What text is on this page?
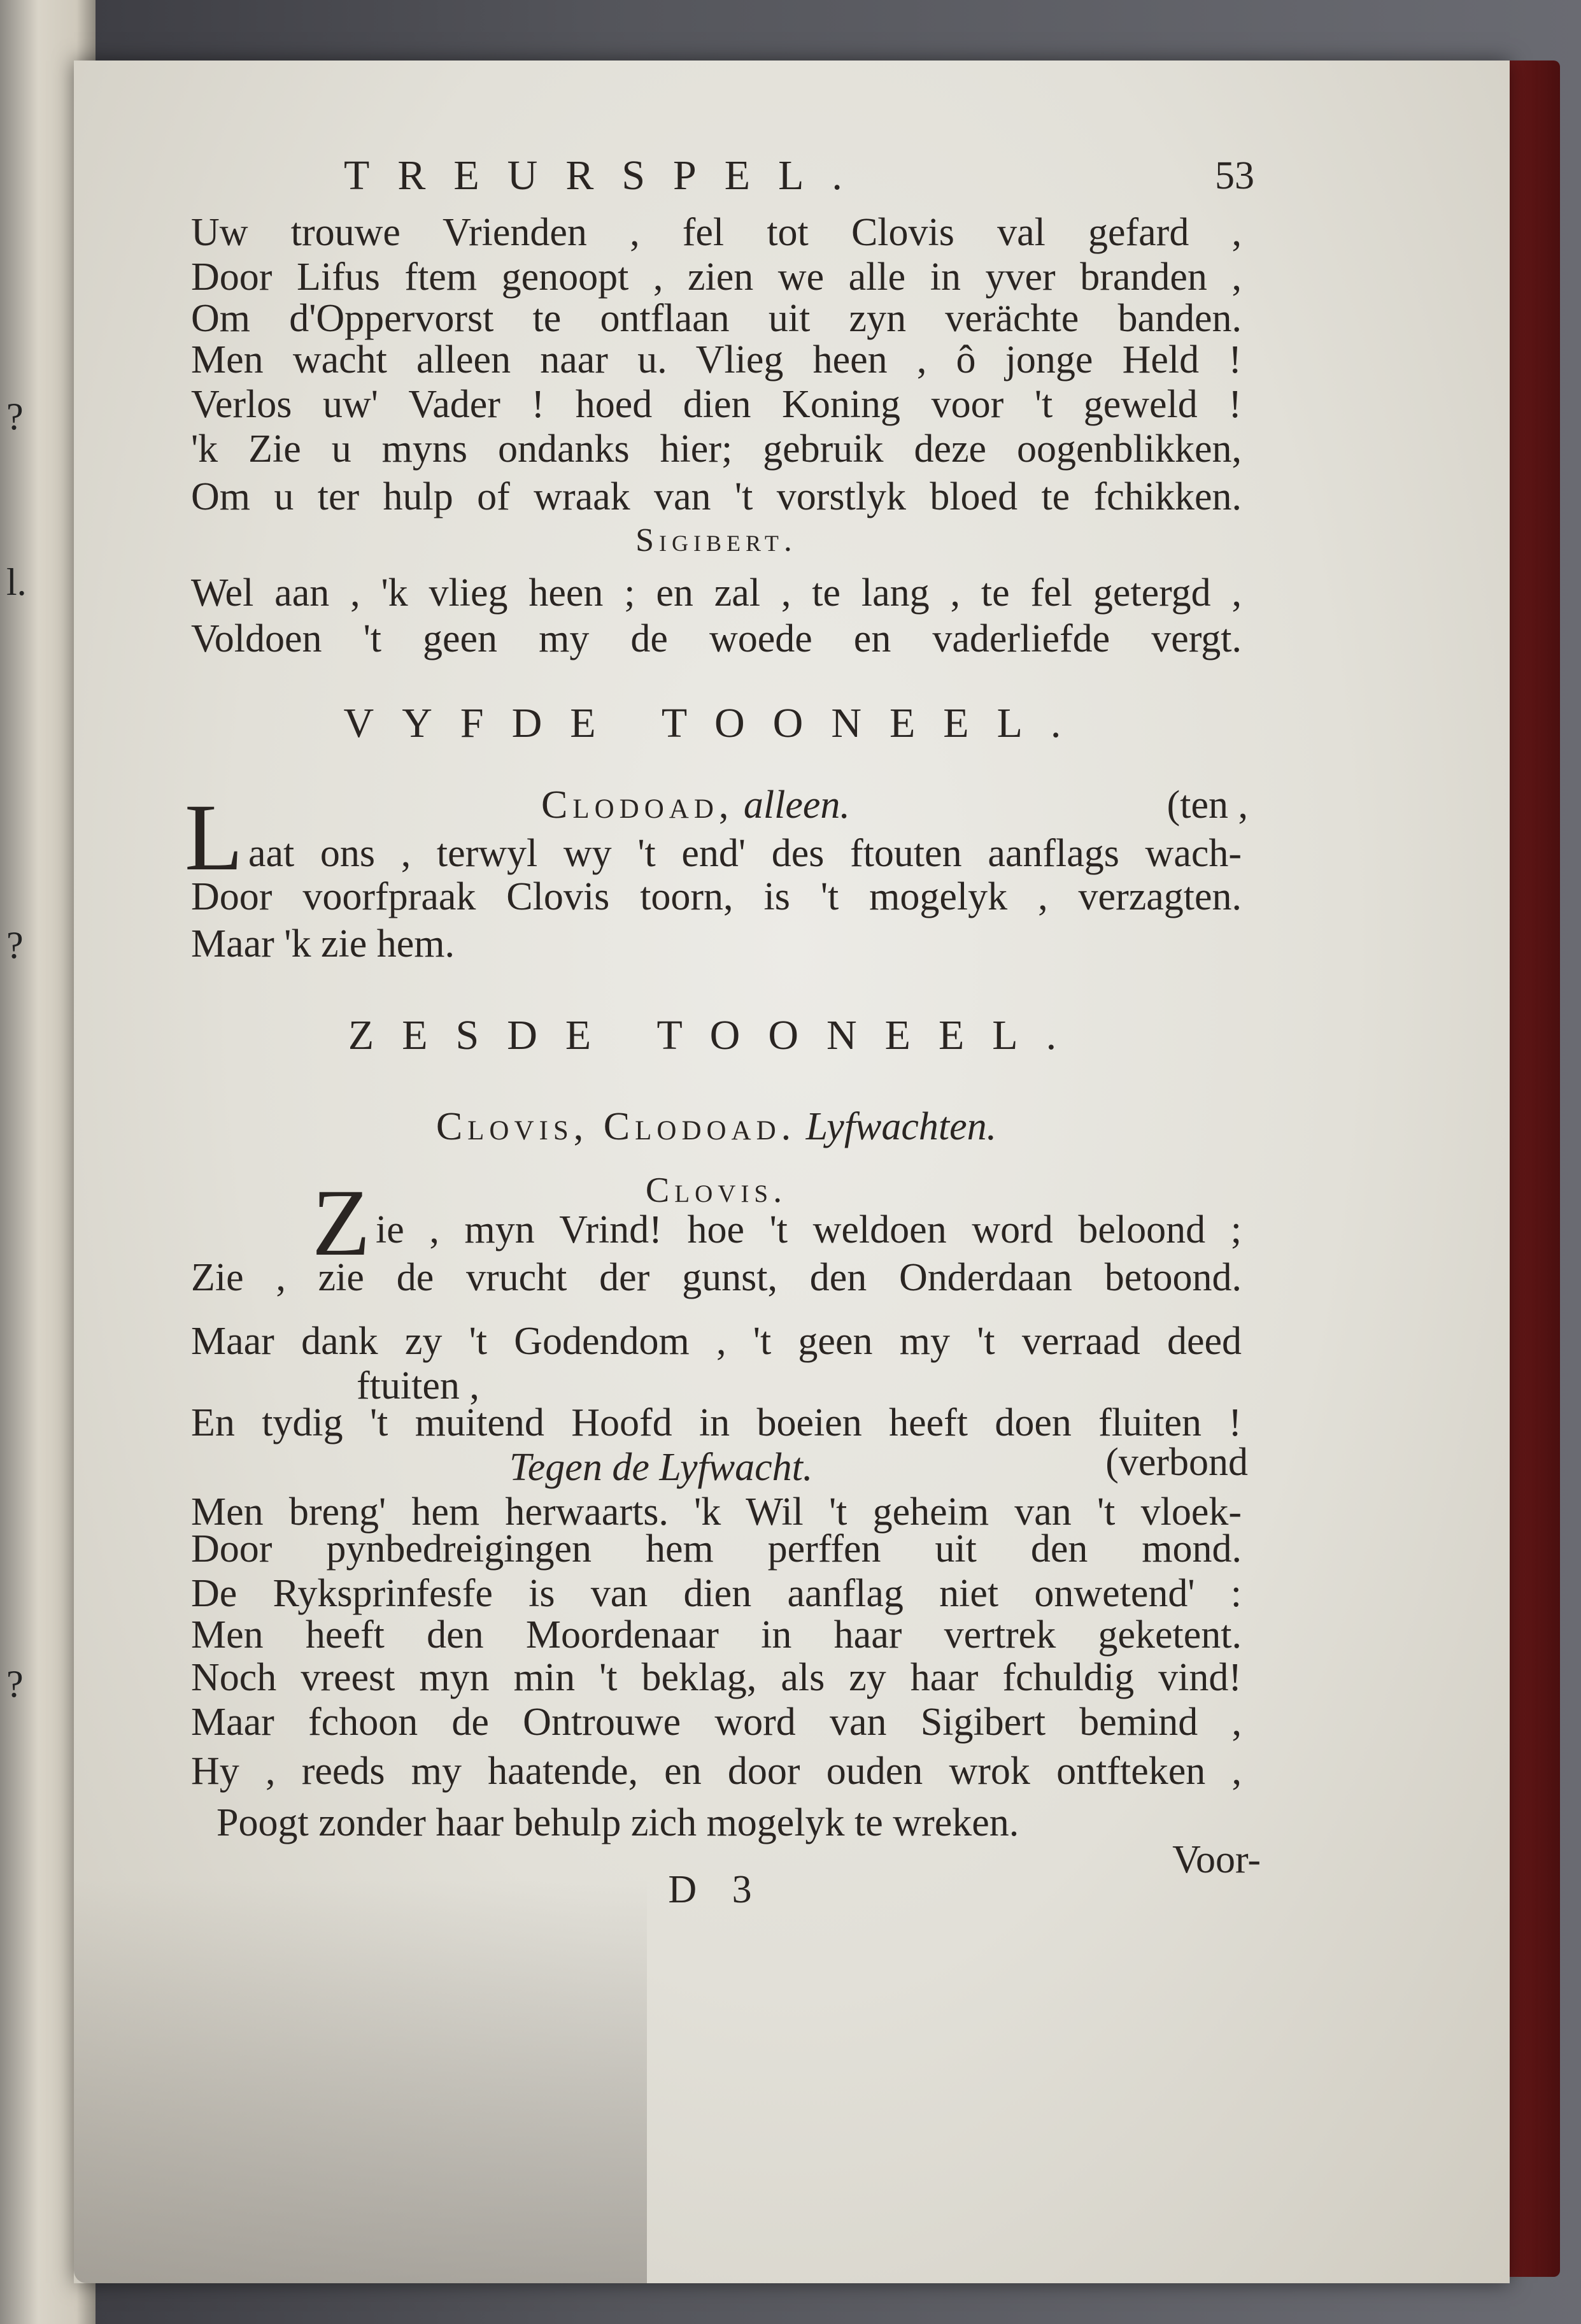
?
l.
?
?
TREURSPEL.	53
Uw trouwe Vrienden , fel tot Clovis val gefard ,
Door Lifus ftem genoopt , zien we alle in yver branden ,
Om d'Oppervorst te ontflaan uit zyn verächte banden.
Men wacht alleen naar u. Vlieg heen , ô jonge Held !
Verlos uw' Vader ! hoed dien Koning voor 't geweld !
'k Zie u myns ondanks hier; gebruik deze oogenblikken,
Om u ter hulp of wraak van 't vorstlyk bloed te fchikken.
Sigibert.
Wel aan , 'k vlieg heen ; en zal , te lang , te fel getergd ,
Voldoen 't geen my de woede en vaderliefde vergt.
VYFDE TOONEEL.
Clodoad, alleen.	(ten ,
L aat ons , terwyl wy 't end' des ftouten aanflags wach-
Door voorfpraak Clovis toorn, is 't mogelyk , verzagten.
Maar 'k zie hem.
ZESDE TOONEEL.
Clovis, Clodoad. Lyfwachten.
Clovis.
Z ie , myn Vrind! hoe 't weldoen word beloond ;
Zie , zie de vrucht der gunst, den Onderdaan betoond.
Maar dank zy 't Godendom , 't geen my 't verraad deed
ftuiten ,
En tydig 't muitend Hoofd in boeien heeft doen fluiten !
Tegen de Lyfwacht.	(verbond
Men breng' hem herwaarts. 'k Wil 't geheim van 't vloek-
Door pynbedreigingen hem perffen uit den mond.
De Ryksprinfesfe is van dien aanflag niet onwetend' :
Men heeft den Moordenaar in haar vertrek geketent.
Noch vreest myn min 't beklag, als zy haar fchuldig vind!
Maar fchoon de Ontrouwe word van Sigibert bemind ,
Hy , reeds my haatende, en door ouden wrok ontfteken ,
Poogt zonder haar behulp zich mogelyk te wreken.
Voor-
D 3
